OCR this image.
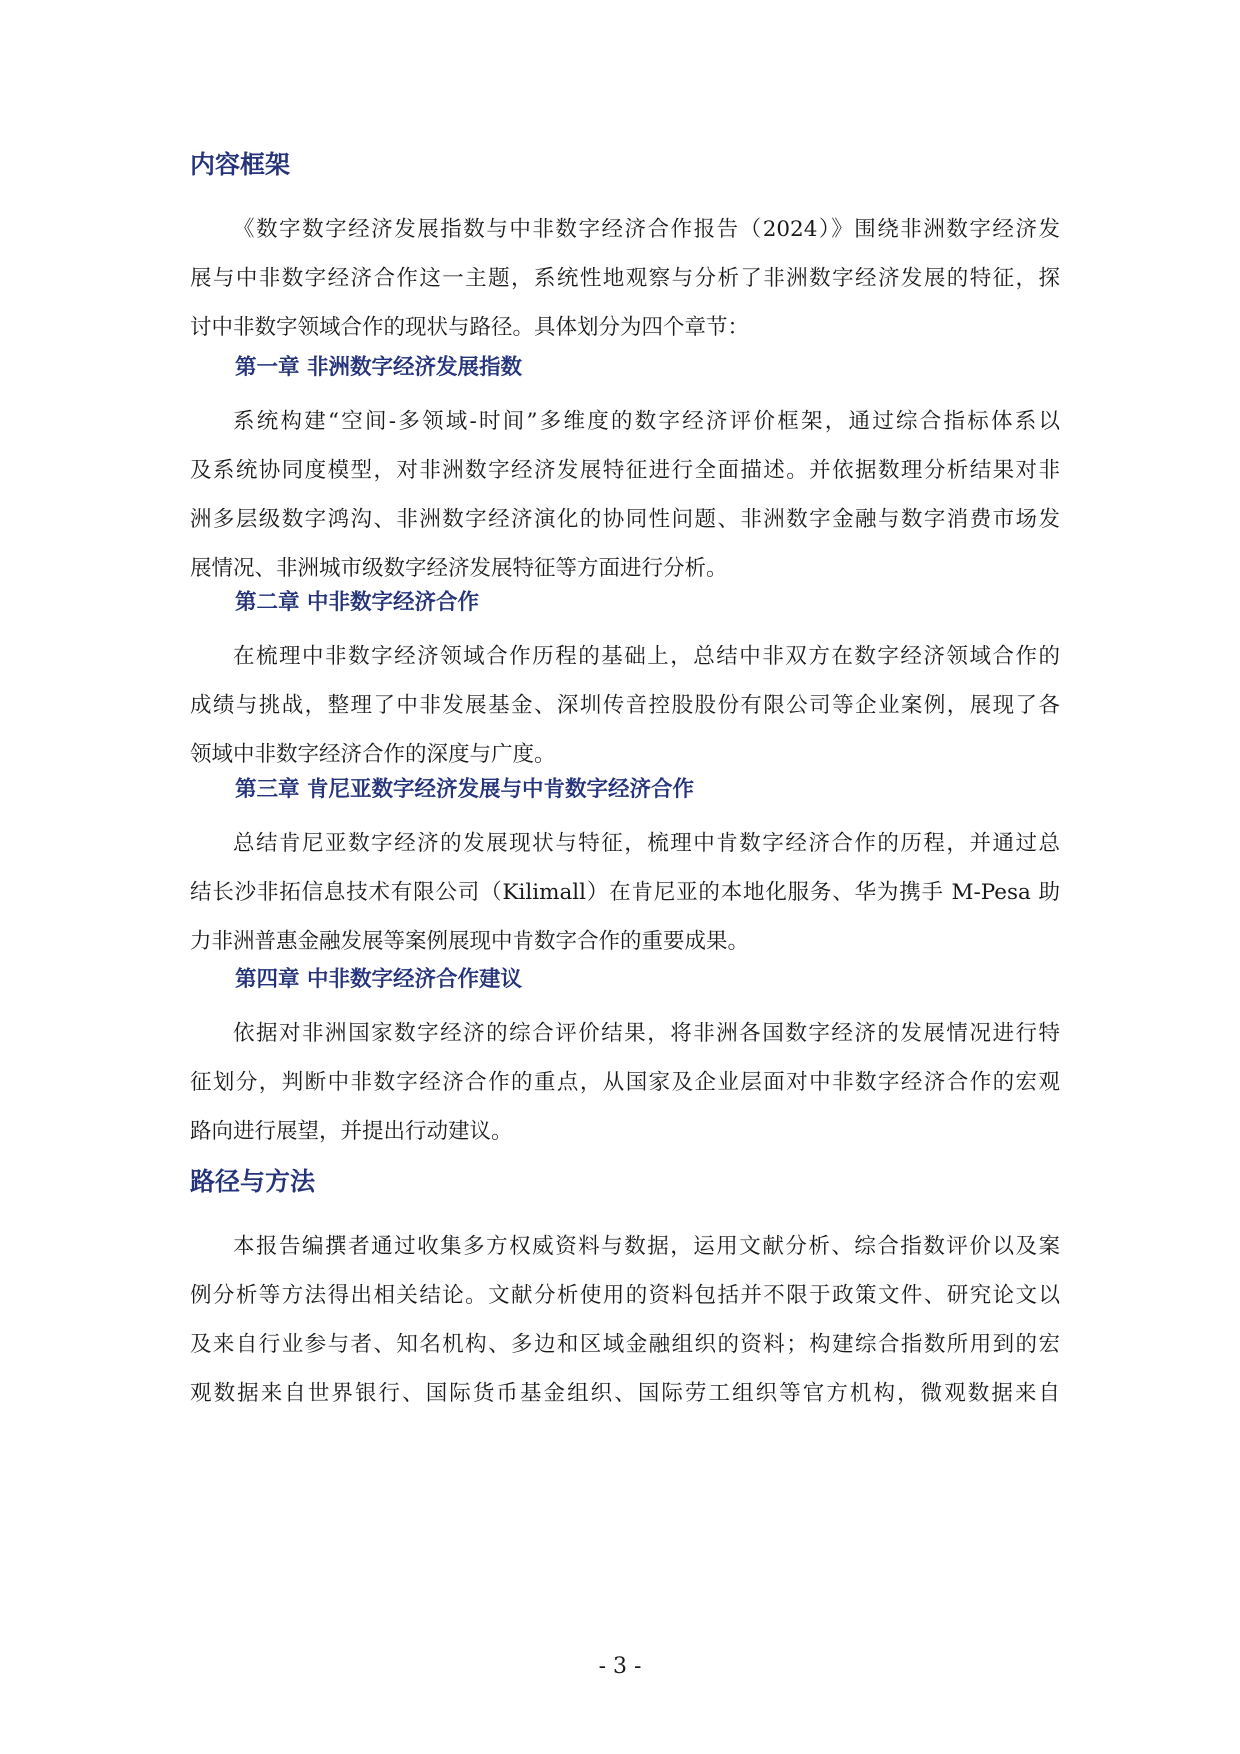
内容框架
《数字数字经济发展指数与中非数字经济合作报告（2024）》围绕非洲数字经济发
展与中非数字经济合作这一主题，系统性地观察与分析了非洲数字经济发展的特征，探
讨中非数字领域合作的现状与路径。具体划分为四个章节：
第一章 非洲数字经济发展指数
系统构建“空间-多领域-时间”多维度的数字经济评价框架，通过综合指标体系以
及系统协同度模型，对非洲数字经济发展特征进行全面描述。并依据数理分析结果对非
洲多层级数字鸿沟、非洲数字经济演化的协同性问题、非洲数字金融与数字消费市场发
展情况、非洲城市级数字经济发展特征等方面进行分析。
第二章 中非数字经济合作
在梳理中非数字经济领域合作历程的基础上，总结中非双方在数字经济领域合作的
成绩与挑战，整理了中非发展基金、深圳传音控股股份有限公司等企业案例，展现了各
领域中非数字经济合作的深度与广度。
第三章 肯尼亚数字经济发展与中肯数字经济合作
总结肯尼亚数字经济的发展现状与特征，梳理中肯数字经济合作的历程，并通过总
结长沙非拓信息技术有限公司（Kilimall）在肯尼亚的本地化服务、华为携手 M-Pesa 助
力非洲普惠金融发展等案例展现中肯数字合作的重要成果。
第四章 中非数字经济合作建议
依据对非洲国家数字经济的综合评价结果，将非洲各国数字经济的发展情况进行特
征划分，判断中非数字经济合作的重点，从国家及企业层面对中非数字经济合作的宏观
路向进行展望，并提出行动建议。
路径与方法
本报告编撰者通过收集多方权威资料与数据，运用文献分析、综合指数评价以及案
例分析等方法得出相关结论。文献分析使用的资料包括并不限于政策文件、研究论文以
及来自行业参与者、知名机构、多边和区域金融组织的资料；构建综合指数所用到的宏
观数据来自世界银行、国际货币基金组织、国际劳工组织等官方机构，微观数据来自

- 3 -
